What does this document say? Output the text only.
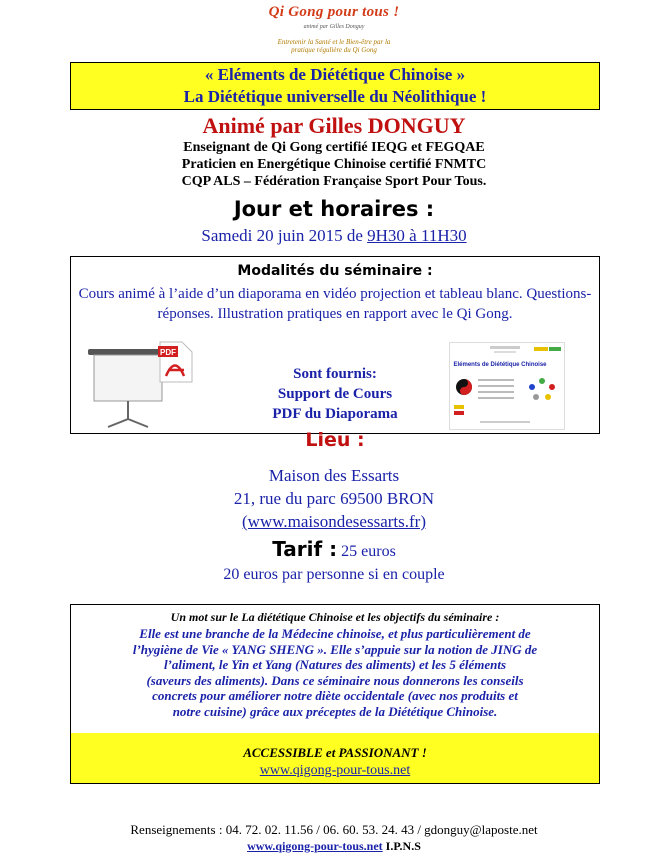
Qi Gong pour tous !
animé par Gilles Donguy
Entretenir la Santé et le Bien-être par la pratique régulière du Qi Gong
« Eléments de Diététique Chinoise »
La Diététique universelle du Néolithique !
Animé par Gilles DONGUY
Enseignant de Qi Gong certifié IEQG et FEGQAE
Praticien en Energétique Chinoise certifié FNMTC
CQP ALS – Fédération Française Sport Pour Tous.
Jour et horaires :
Samedi 20 juin 2015 de 9H30 à 11H30
Modalités du séminaire :
Cours animé à l’aide d’un diaporama en vidéo projection et tableau blanc. Questions-réponses. Illustration pratiques en rapport avec le Qi Gong.
Sont fournis:
Support de Cours
PDF du Diaporama
Lieu :
PDF
Eléments de Diététique Chinoise
Maison des Essarts
21, rue du parc 69500 BRON
(www.maisondesessarts.fr)
Tarif : 25 euros
20 euros par personne si en couple
Un mot sur le La diététique Chinoise et les objectifs du séminaire :
Elle est une branche de la Médecine chinoise, et plus particulièrement de
l’hygiène de Vie « YANG SHENG ». Elle s’appuie sur la notion de JING de
l’aliment, le Yin et Yang (Natures des aliments) et les 5 éléments
(saveurs des aliments). Dans ce séminaire nous donnerons les conseils
concrets pour améliorer notre diète occidentale (avec nos produits et
notre cuisine) grâce aux préceptes de la Diététique Chinoise.
ACCESSIBLE et PASSIONANT !
www.qigong-pour-tous.net
Renseignements : 04. 72. 02. 11.56 / 06. 60. 53. 24. 43 / gdonguy@laposte.net
www.qigong-pour-tous.net I.P.N.S
